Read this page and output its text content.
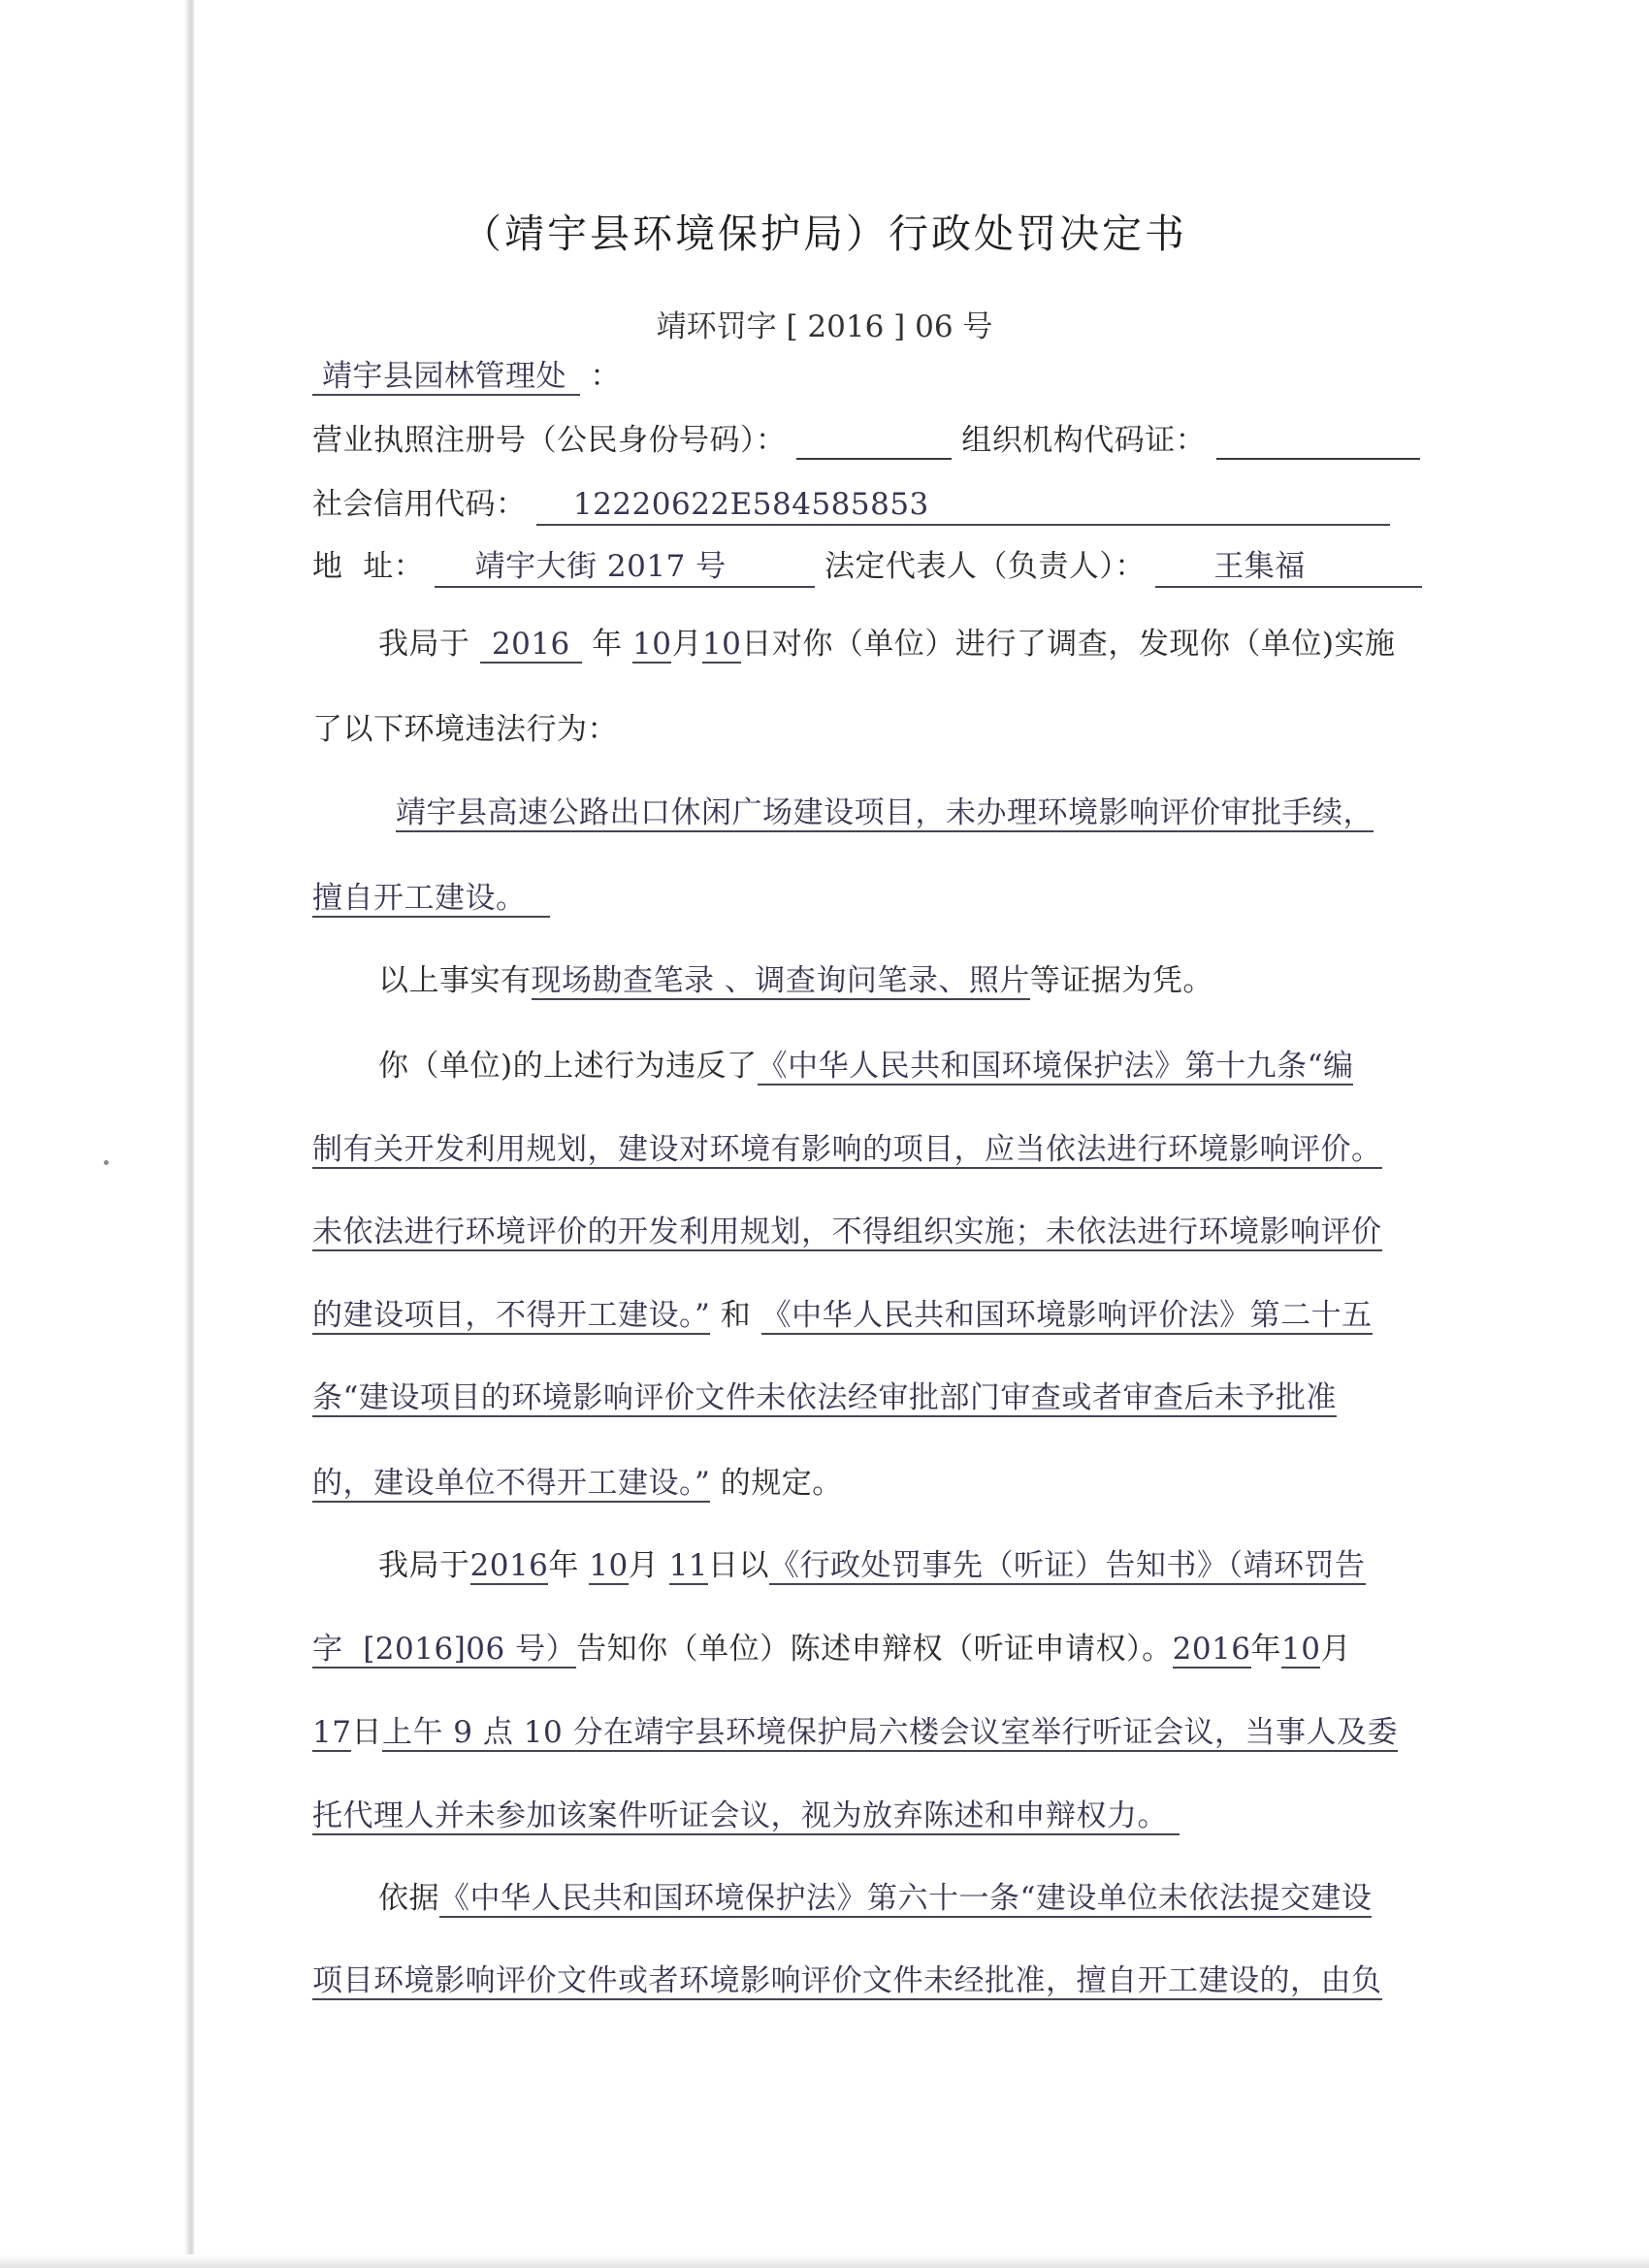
（靖宇县环境保护局）行政处罚决定书
靖环罚字 [ 2016 ] 06 号
靖宇县园林管理处 ：
营业执照注册号（公民身份号码）：	组织机构代码证：
社会信用代码： 12220622E584585853
地  址： 靖宇大街 2017 号	法定代表人（负责人）： 王集福
我局于 2016 年 10月10日对你（单位）进行了调查，发现你（单位)实施
了以下环境违法行为：
靖宇县高速公路出口休闲广场建设项目，未办理环境影响评价审批手续，
擅自开工建设。
以上事实有现场勘查笔录 、调查询问笔录、照片等证据为凭。
你（单位)的上述行为违反了《中华人民共和国环境保护法》第十九条“编
制有关开发利用规划，建设对环境有影响的项目，应当依法进行环境影响评价。
未依法进行环境评价的开发利用规划，不得组织实施；未依法进行环境影响评价
的建设项目，不得开工建设。” 和 《中华人民共和国环境影响评价法》第二十五
条“建设项目的环境影响评价文件未依法经审批部门审查或者审查后未予批准
的，建设单位不得开工建设。” 的规定。
我局于2016年 10月 11日以《行政处罚事先（听证）告知书》（靖环罚告
字  [2016]06 号）告知你（单位）陈述申辩权（听证申请权）。2016年10月
17日上午 9 点 10 分在靖宇县环境保护局六楼会议室举行听证会议，当事人及委
托代理人并未参加该案件听证会议，视为放弃陈述和申辩权力。
依据《中华人民共和国环境保护法》第六十一条“建设单位未依法提交建设
项目环境影响评价文件或者环境影响评价文件未经批准，擅自开工建设的，由负
